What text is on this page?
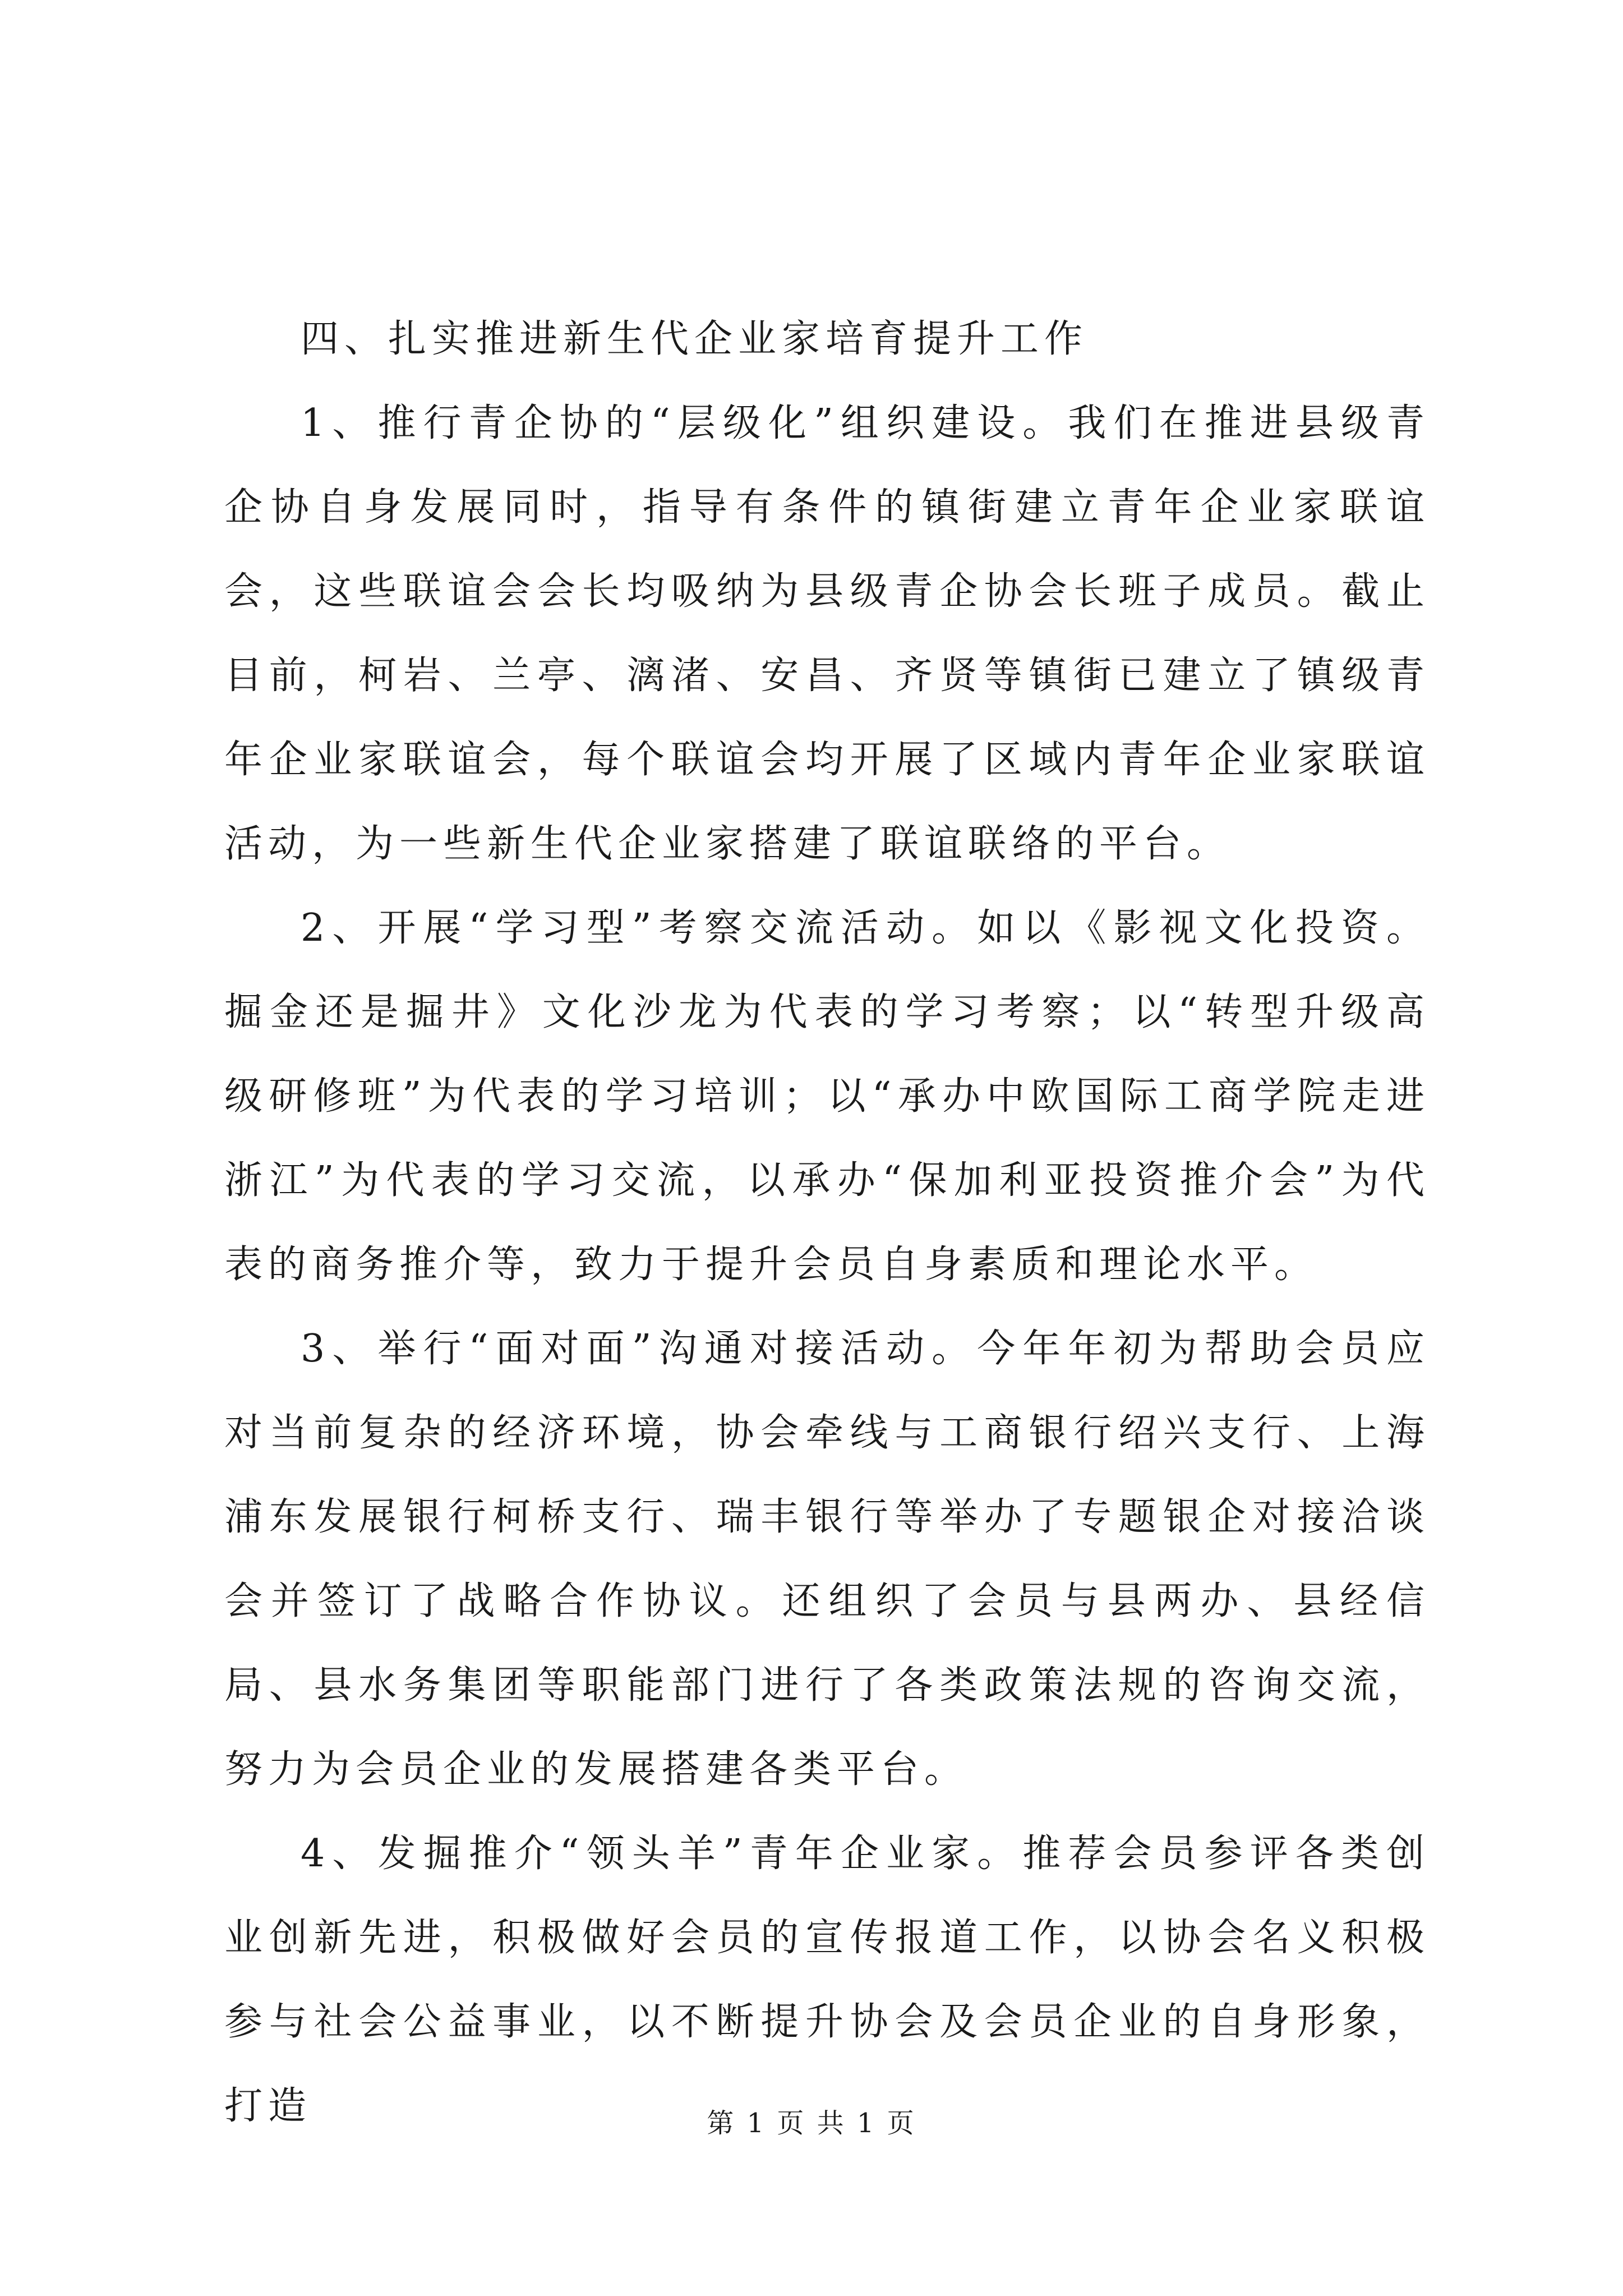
四、扎实推进新生代企业家培育提升工作

1、推行青企协的“层级化”组织建设。我们在推进县级青企协自身发展同时，指导有条件的镇街建立青年企业家联谊会，这些联谊会会长均吸纳为县级青企协会长班子成员。截止目前，柯岩、兰亭、漓渚、安昌、齐贤等镇街已建立了镇级青年企业家联谊会，每个联谊会均开展了区域内青年企业家联谊活动，为一些新生代企业家搭建了联谊联络的平台。

2、开展“学习型”考察交流活动。如以《影视文化投资。掘金还是掘井》文化沙龙为代表的学习考察；以“转型升级高级研修班”为代表的学习培训；以“承办中欧国际工商学院走进浙江”为代表的学习交流，以承办“保加利亚投资推介会”为代表的商务推介等，致力于提升会员自身素质和理论水平。

3、举行“面对面”沟通对接活动。今年年初为帮助会员应对当前复杂的经济环境，协会牵线与工商银行绍兴支行、上海浦东发展银行柯桥支行、瑞丰银行等举办了专题银企对接洽谈会并签订了战略合作协议。还组织了会员与县两办、县经信局、县水务集团等职能部门进行了各类政策法规的咨询交流，努力为会员企业的发展搭建各类平台。

4、发掘推介“领头羊”青年企业家。推荐会员参评各类创业创新先进，积极做好会员的宣传报道工作，以协会名义积极参与社会公益事业，以不断提升协会及会员企业的自身形象，打造	第 1 页 共 1 页
